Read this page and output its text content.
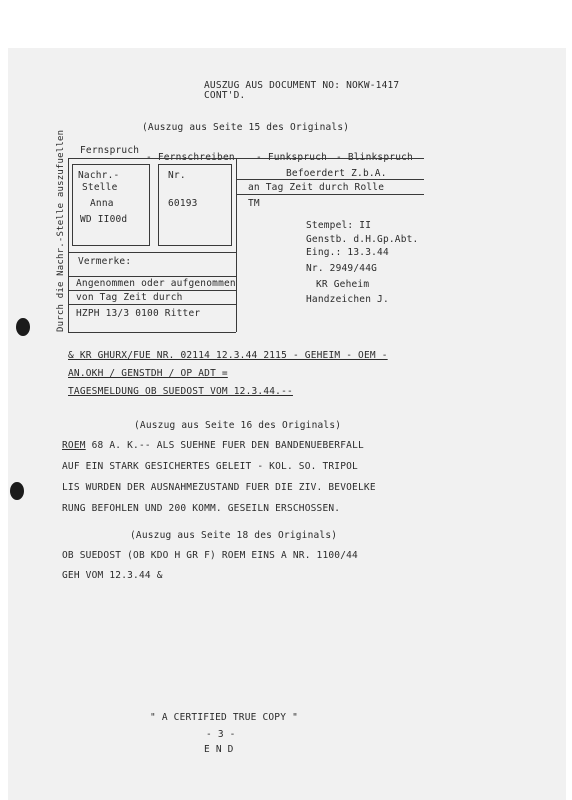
AUSZUG AUS DOCUMENT NO: NOKW-1417
CONT'D.
(Auszug aus Seite 15 des Originals)
Fernspruch
- Fernschreiben - Funkspruch - Blinkspruch
Durch die Nachr.-Stelle auszufuellen Nachr.-
Stelle
Anna
WD II00d
Nr.
60193
Befoerdert Z.b.A.
an Tag Zeit durch Rolle
TM
Vermerke:
Angenommen oder aufgenommen
von Tag Zeit durch
HZPH 13/3 0100 Ritter
Stempel: II
Genstb. d.H.Gp.Abt.
Eing.: 13.3.44
Nr. 2949/44G
KR Geheim
Handzeichen J.
& KR GHURX/FUE NR. 02114 12.3.44 2115 - GEHEIM - OEM -
AN.OKH / GENSTDH / OP ADT =
TAGESMELDUNG OB SUEDOST VOM 12.3.44.--
(Auszug aus Seite 16 des Originals)
ROEM 68 A. K.-- ALS SUEHNE FUER DEN BANDENUEBERFALL
AUF EIN STARK GESICHERTES GELEIT - KOL. SO. TRIPOL
LIS WURDEN DER AUSNAHMEZUSTAND FUER DIE ZIV. BEVOELKE
RUNG BEFOHLEN UND 200 KOMM. GESEILN ERSCHOSSEN.
(Auszug aus Seite 18 des Originals)
OB SUEDOST (OB KDO H GR F) ROEM EINS A NR. 1100/44
GEH VOM 12.3.44 &
" A CERTIFIED TRUE COPY "
- 3 -
E N D
